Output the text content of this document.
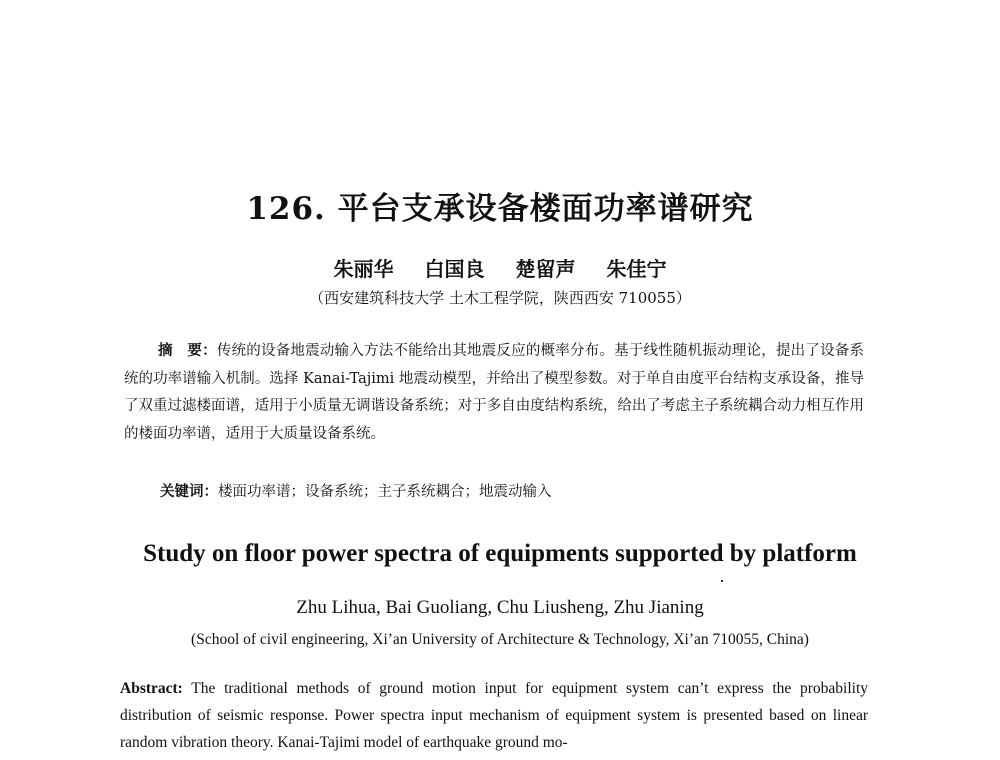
126. 平台支承设备楼面功率谱研究
朱丽华 白国良 楚留声 朱佳宁
（西安建筑科技大学 土木工程学院，陕西西安 710055）
摘　要：传统的设备地震动输入方法不能给出其地震反应的概率分布。基于线性随机振动理论，提出了设备系统的功率谱输入机制。选择 Kanai-Tajimi 地震动模型，并给出了模型参数。对于单自由度平台结构支承设备，推导了双重过滤楼面谱，适用于小质量无调谐设备系统；对于多自由度结构系统，给出了考虑主子系统耦合动力相互作用的楼面功率谱，适用于大质量设备系统。
关键词：楼面功率谱；设备系统；主子系统耦合；地震动输入
Study on floor power spectra of equipments supported by platform
Zhu Lihua, Bai Guoliang, Chu Liusheng, Zhu Jianing
(School of civil engineering, Xi’an University of Architecture & Technology, Xi’an 710055, China)
Abstract: The traditional methods of ground motion input for equipment system can’t express the probability distribution of seismic response. Power spectra input mechanism of equipment system is presented based on linear random vibration theory. Kanai-Tajimi model of earthquake ground mo-
